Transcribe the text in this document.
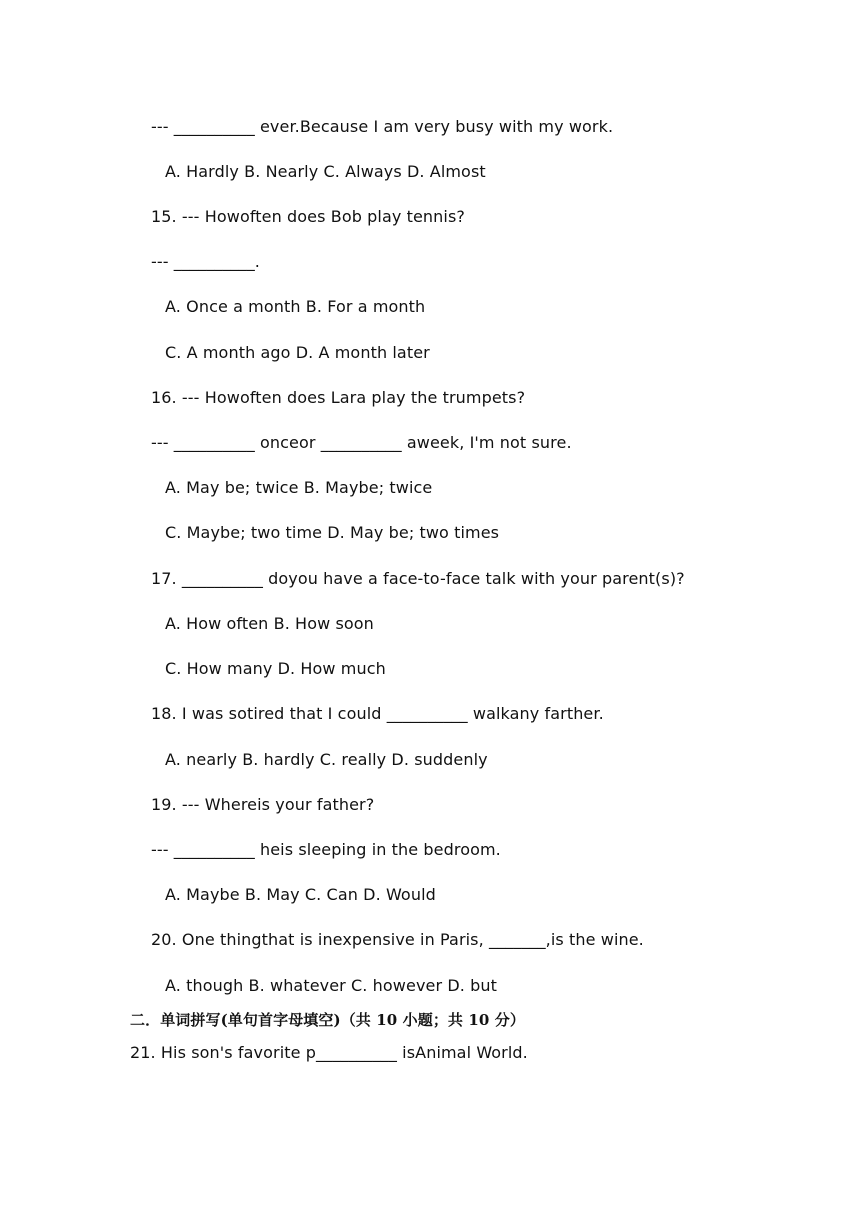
--- __________ ever.Because I am very busy with my work.
A. Hardly B. Nearly C. Always D. Almost
15. --- Howoften does Bob play tennis?
--- __________.
A. Once a month B. For a month
C. A month ago D. A month later
16. --- Howoften does Lara play the trumpets?
--- __________ onceor __________ aweek, I'm not sure.
A. May be; twice B. Maybe; twice
C. Maybe; two time D. May be; two times
17. __________ doyou have a face-to-face talk with your parent(s)?
A. How often B. How soon
C. How many D. How much
18. I was sotired that I could __________ walkany farther.
A. nearly B. hardly C. really D. suddenly
19. --- Whereis your father?
--- __________ heis sleeping in the bedroom.
A. Maybe B. May C. Can D. Would
20. One thingthat is inexpensive in Paris, _______,is the wine.
A. though B. whatever C. however D. but
二．单词拼写(单句首字母填空)（共 10 小题；共 10 分）
21. His son's favorite p__________ isAnimal World.
